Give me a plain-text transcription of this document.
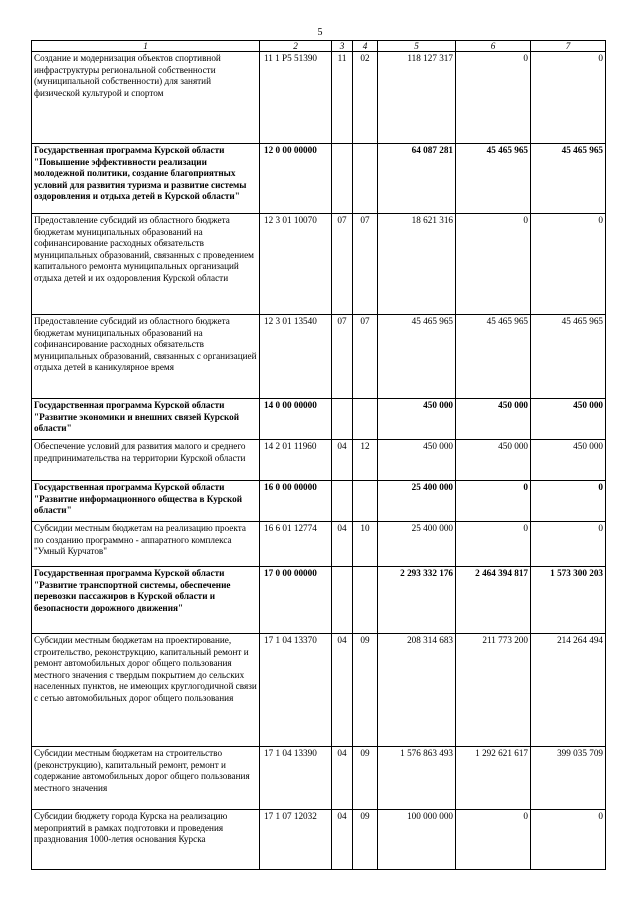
5
1	2	3	4	5	6	7
Создание и модернизация объектов спортивной инфраструктуры региональной собственности (муниципальной собственности) для занятий физической культурой и спортом	11 1 P5 51390	11	02	118 127 317	0	0
Государственная программа Курской области "Повышение эффективности реализации молодежной политики, создание благоприятных условий для развития туризма и развитие системы оздоровления и отдыха детей в Курской области"	12 0 00 00000			64 087 281	45 465 965	45 465 965
Предоставление субсидий из областного бюджета бюджетам муниципальных образований на софинансирование расходных обязательств муниципальных образований, связанных с проведением капитального ремонта муниципальных организаций отдыха детей и их оздоровления Курской области	12 3 01 10070	07	07	18 621 316	0	0
Предоставление субсидий из областного бюджета бюджетам муниципальных образований на софинансирование расходных обязательств муниципальных образований, связанных с организацией отдыха детей в каникулярное время	12 3 01 13540	07	07	45 465 965	45 465 965	45 465 965
Государственная программа Курской области "Развитие экономики и внешних связей Курской области"	14 0 00 00000			450 000	450 000	450 000
Обеспечение условий для развития малого и среднего предпринимательства на территории Курской области	14 2 01 11960	04	12	450 000	450 000	450 000
Государственная программа Курской области "Развитие информационного общества в Курской области"	16 0 00 00000			25 400 000	0	0
Субсидии местным бюджетам на реализацию проекта по созданию программно - аппаратного комплекса "Умный Курчатов"	16 6 01 12774	04	10	25 400 000	0	0
Государственная программа Курской области "Развитие транспортной системы, обеспечение перевозки пассажиров в Курской области и безопасности дорожного движения"	17 0 00 00000			2 293 332 176	2 464 394 817	1 573 300 203
Субсидии местным бюджетам на проектирование, строительство, реконструкцию, капитальный ремонт и ремонт автомобильных дорог общего пользования местного значения с твердым покрытием до сельских населенных пунктов, не имеющих круглогодичной связи с сетью автомобильных дорог общего пользования	17 1 04 13370	04	09	208 314 683	211 773 200	214 264 494
Субсидии местным бюджетам на строительство (реконструкцию), капитальный ремонт, ремонт и содержание автомобильных дорог общего пользования местного значения	17 1 04 13390	04	09	1 576 863 493	1 292 621 617	399 035 709
Субсидии бюджету города Курска на реализацию мероприятий в рамках подготовки и проведения празднования 1000-летия основания Курска	17 1 07 12032	04	09	100 000 000	0	0
